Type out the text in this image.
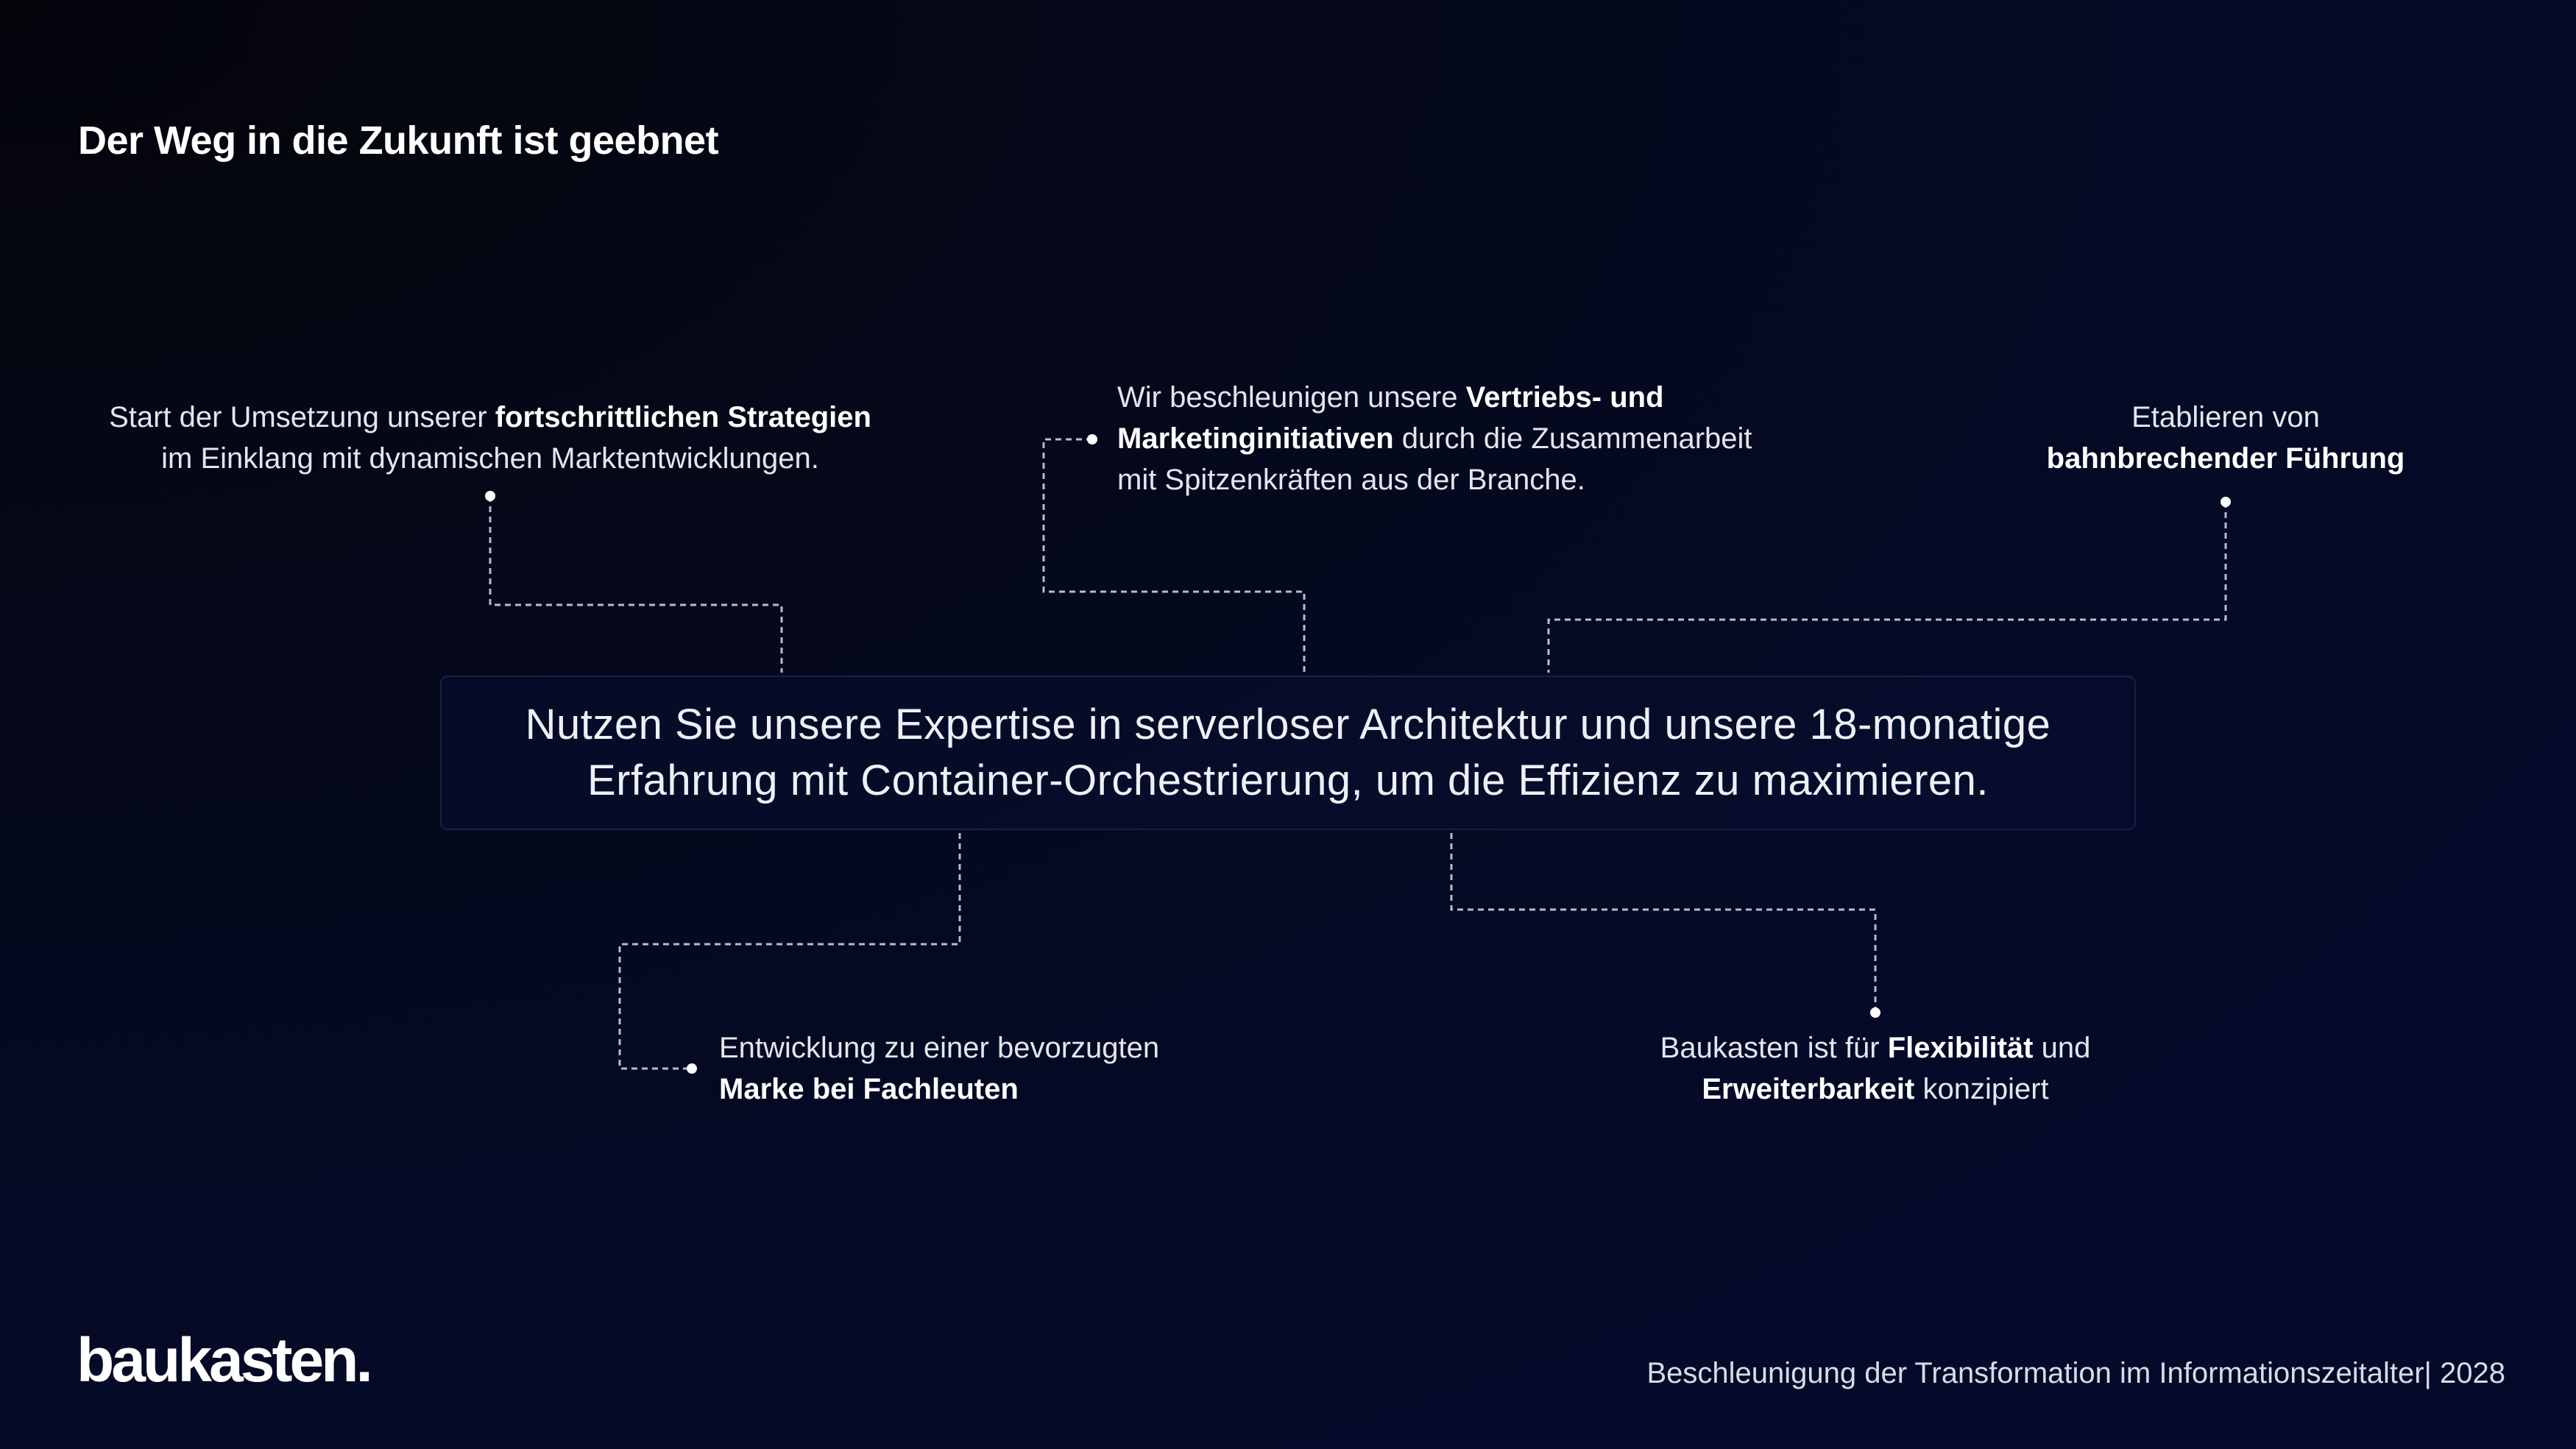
Der Weg in die Zukunft ist geebnet
Start der Umsetzung unserer fortschrittlichen Strategien
im Einklang mit dynamischen Marktentwicklungen.
Wir beschleunigen unsere Vertriebs- und
Marketinginitiativen durch die Zusammenarbeit
mit Spitzenkräften aus der Branche.
Etablieren von
bahnbrechender Führung
Nutzen Sie unsere Expertise in serverloser Architektur und unsere 18-monatige
Erfahrung mit Container-Orchestrierung, um die Effizienz zu maximieren.
Entwicklung zu einer bevorzugten
Marke bei Fachleuten
Baukasten ist für Flexibilität und
Erweiterbarkeit konzipiert
baukasten.	Beschleunigung der Transformation im Informationszeitalter| 2028
